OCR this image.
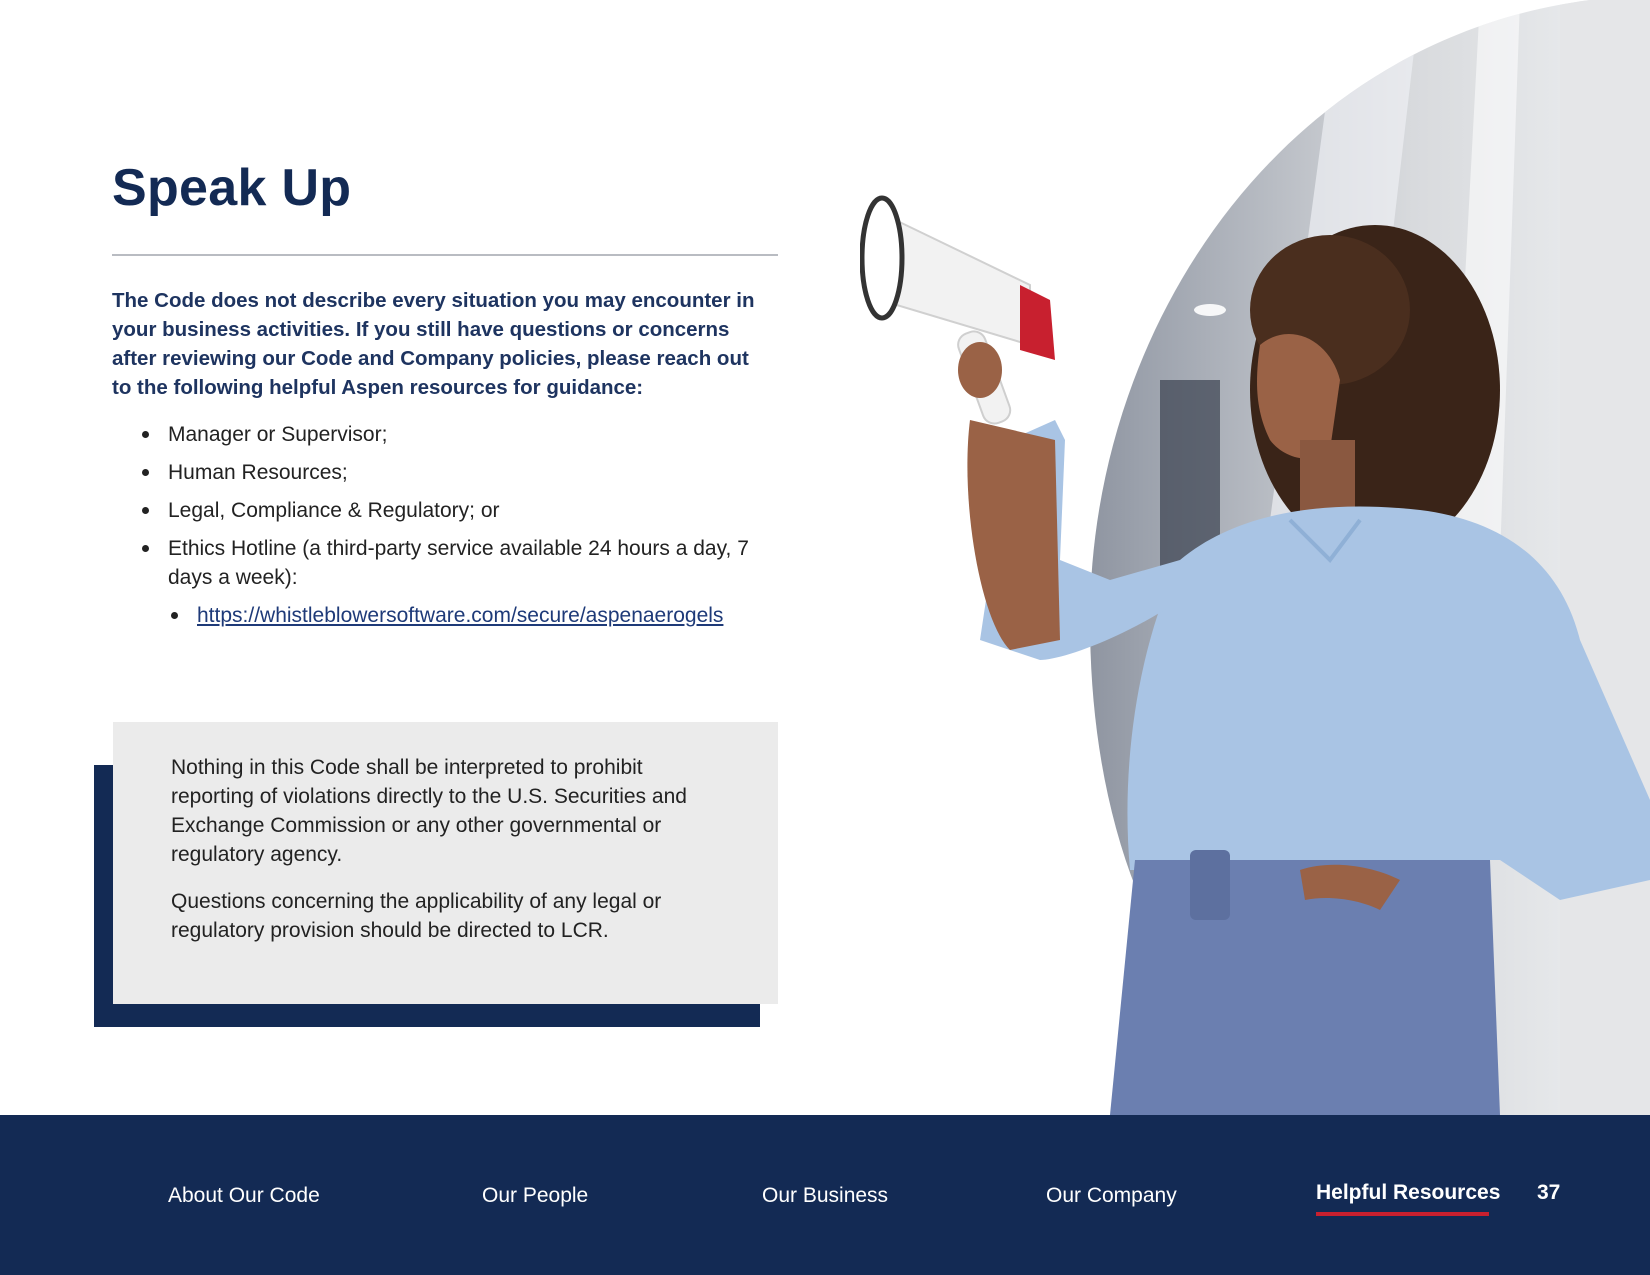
Speak Up

The Code does not describe every situation you may encounter in your business activities. If you still have questions or concerns after reviewing our Code and Company policies, please reach out to the following helpful Aspen resources for guidance:

Manager or Supervisor;
Human Resources;
Legal, Compliance & Regulatory; or
Ethics Hotline (a third-party service available 24 hours a day, 7 days a week):
https://whistleblowersoftware.com/secure/aspenaerogels

Nothing in this Code shall be interpreted to prohibit reporting of violations directly to the U.S. Securities and Exchange Commission or any other governmental or regulatory agency.

Questions concerning the applicability of any legal or regulatory provision should be directed to LCR.

About Our Code	Our People	Our Business	Our Company	Helpful Resources 37
